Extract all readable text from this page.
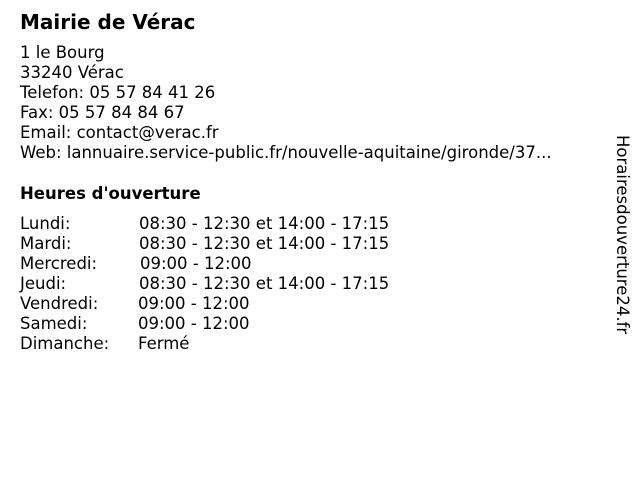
Mairie de Vérac
1 le Bourg
33240 Vérac
Telefon: 05 57 84 41 26
Fax: 05 57 84 84 67
Email: contact@verac.fr
Web: lannuaire.service-public.fr/nouvelle-aquitaine/gironde/37...
Heures d'ouverture
Lundi:	08:30 - 12:30 et 14:00 - 17:15
Mardi:	08:30 - 12:30 et 14:00 - 17:15
Mercredi:	09:00 - 12:00
Jeudi:	08:30 - 12:30 et 14:00 - 17:15
Vendredi: 09:00 - 12:00
Samedi:	09:00 - 12:00
Dimanche: Fermé
Horairesdouverture24.fr
